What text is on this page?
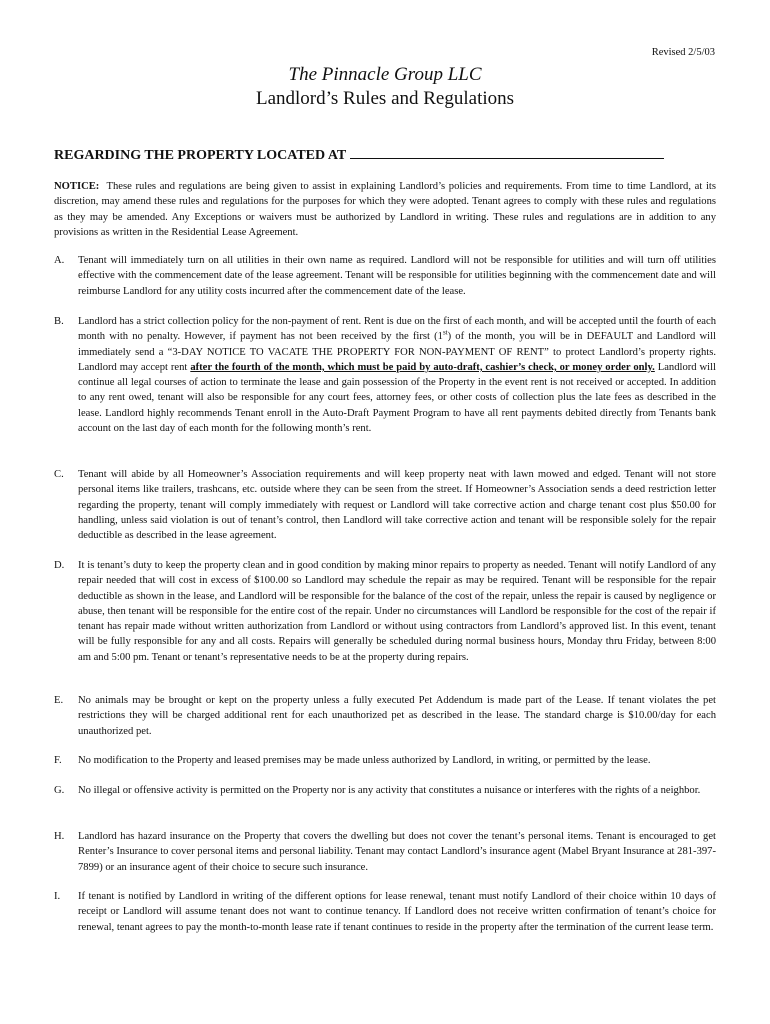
Revised 2/5/03
The Pinnacle Group LLC
Landlord’s Rules and Regulations
REGARDING THE PROPERTY LOCATED AT
NOTICE: These rules and regulations are being given to assist in explaining Landlord’s policies and requirements. From time to time Landlord, at its discretion, may amend these rules and regulations for the purposes for which they were adopted. Tenant agrees to comply with these rules and regulations as they may be amended. Any Exceptions or waivers must be authorized by Landlord in writing. These rules and regulations are in addition to any provisions as written in the Residential Lease Agreement.
A. Tenant will immediately turn on all utilities in their own name as required. Landlord will not be responsible for utilities and will turn off utilities effective with the commencement date of the lease agreement. Tenant will be responsible for utilities beginning with the commencement date and will reimburse Landlord for any utility costs incurred after the commencement date of the lease.
B. Landlord has a strict collection policy for the non-payment of rent. Rent is due on the first of each month, and will be accepted until the fourth of each month with no penalty. However, if payment has not been received by the first (1st) of the month, you will be in DEFAULT and Landlord will immediately send a “3-DAY NOTICE TO VACATE THE PROPERTY FOR NON-PAYMENT OF RENT” to protect Landlord’s property rights. Landlord may accept rent after the fourth of the month, which must be paid by auto-draft, cashier’s check, or money order only. Landlord will continue all legal courses of action to terminate the lease and gain possession of the Property in the event rent is not received or accepted. In addition to any rent owed, tenant will also be responsible for any court fees, attorney fees, or other costs of collection plus the late fees as described in the lease. Landlord highly recommends Tenant enroll in the Auto-Draft Payment Program to have all rent payments debited directly from Tenants bank account on the last day of each month for the following month’s rent.
C. Tenant will abide by all Homeowner’s Association requirements and will keep property neat with lawn mowed and edged. Tenant will not store personal items like trailers, trashcans, etc. outside where they can be seen from the street. If Homeowner’s Association sends a deed restriction letter regarding the property, tenant will comply immediately with request or Landlord will take corrective action and charge tenant cost plus $50.00 for handling, unless said violation is out of tenant’s control, then Landlord will take corrective action and tenant will be responsible solely for the repair deductible as described in the lease agreement.
D. It is tenant’s duty to keep the property clean and in good condition by making minor repairs to property as needed. Tenant will notify Landlord of any repair needed that will cost in excess of $100.00 so Landlord may schedule the repair as may be required. Tenant will be responsible for the repair deductible as shown in the lease, and Landlord will be responsible for the balance of the cost of the repair, unless the repair is caused by negligence or abuse, then tenant will be responsible for the entire cost of the repair. Under no circumstances will Landlord be responsible for the cost of the repair if tenant has repair made without written authorization from Landlord or without using contractors from Landlord’s approved list. In this event, tenant will be fully responsible for any and all costs. Repairs will generally be scheduled during normal business hours, Monday thru Friday, between 8:00 am and 5:00 pm. Tenant or tenant’s representative needs to be at the property during repairs.
E. No animals may be brought or kept on the property unless a fully executed Pet Addendum is made part of the Lease. If tenant violates the pet restrictions they will be charged additional rent for each unauthorized pet as described in the lease. The standard charge is $10.00/day for each unauthorized pet.
F. No modification to the Property and leased premises may be made unless authorized by Landlord, in writing, or permitted by the lease.
G. No illegal or offensive activity is permitted on the Property nor is any activity that constitutes a nuisance or interferes with the rights of a neighbor.
H. Landlord has hazard insurance on the Property that covers the dwelling but does not cover the tenant’s personal items. Tenant is encouraged to get Renter’s Insurance to cover personal items and personal liability. Tenant may contact Landlord’s insurance agent (Mabel Bryant Insurance at 281-397-7899) or an insurance agent of their choice to secure such insurance.
I. If tenant is notified by Landlord in writing of the different options for lease renewal, tenant must notify Landlord of their choice within 10 days of receipt or Landlord will assume tenant does not want to continue tenancy. If Landlord does not receive written confirmation of tenant’s choice for renewal, tenant agrees to pay the month-to-month lease rate if tenant continues to reside in the property after the termination of the current lease term.
